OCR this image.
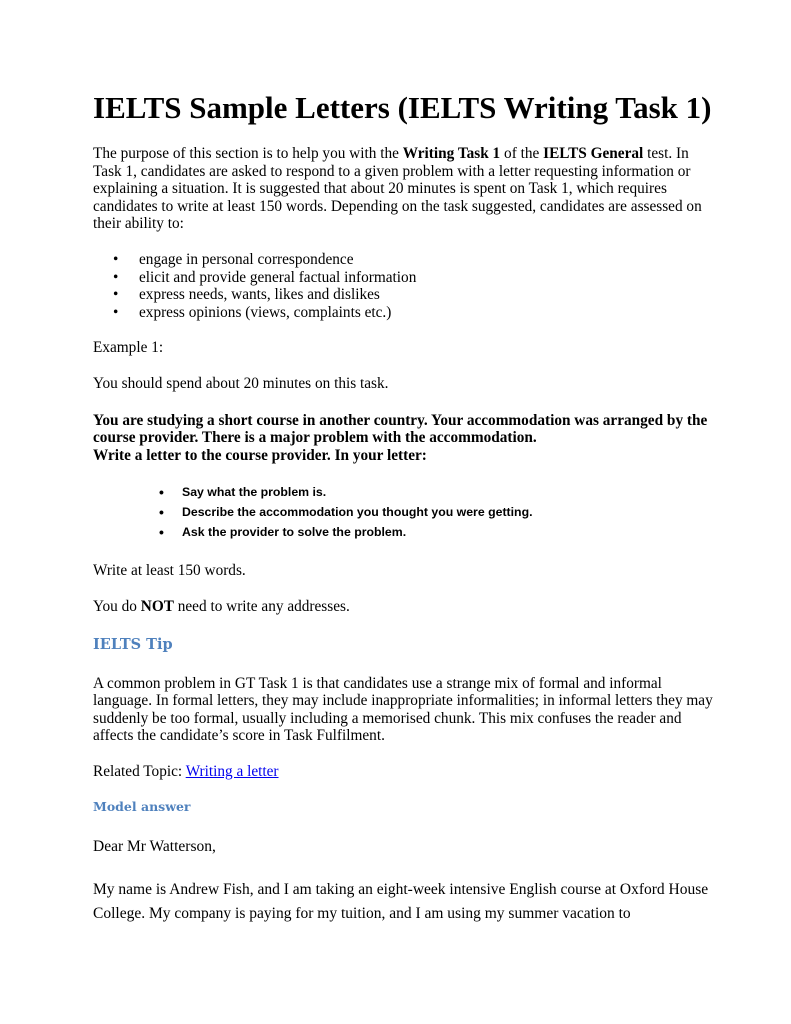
IELTS Sample Letters (IELTS Writing Task 1)

The purpose of this section is to help you with the Writing Task 1 of the IELTS General test. In Task 1, candidates are asked to respond to a given problem with a letter requesting information or explaining a situation. It is suggested that about 20 minutes is spent on Task 1, which requires candidates to write at least 150 words. Depending on the task suggested, candidates are assessed on their ability to:

• engage in personal correspondence
• elicit and provide general factual information
• express needs, wants, likes and dislikes
• express opinions (views, complaints etc.)

Example 1:

You should spend about 20 minutes on this task.

You are studying a short course in another country. Your accommodation was arranged by the course provider. There is a major problem with the accommodation.

Write a letter to the course provider. In your letter:

• Say what the problem is.
• Describe the accommodation you thought you were getting.
• Ask the provider to solve the problem.

Write at least 150 words.

You do NOT need to write any addresses.

IELTS Tip

A common problem in GT Task 1 is that candidates use a strange mix of formal and informal language. In formal letters, they may include inappropriate informalities; in informal letters they may suddenly be too formal, usually including a memorised chunk. This mix confuses the reader and affects the candidate’s score in Task Fulfilment.

Related Topic: Writing a letter

Model answer

Dear Mr Watterson,

My name is Andrew Fish, and I am taking an eight-week intensive English course at Oxford House College. My company is paying for my tuition, and I am using my summer vacation to
